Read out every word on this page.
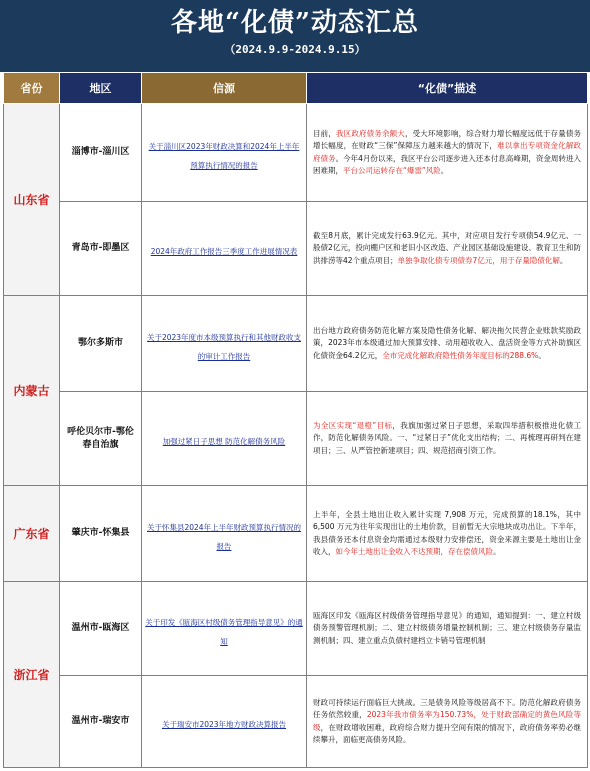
各地“化债”动态汇总
（2024.9.9-2024.9.15）
省份	地区	信源	“化债”描述
山东省	淄博市-淄川区	关于淄川区2023年财政决算和2024年上半年预算执行情况的报告	目前，我区政府债务余额大，受大环境影响，综合财力增长幅度远低于存量债务增长幅度，在财政“三保”保障压力越来越大的情况下，难以拿出专项资金化解政府债务。今年4月份以来，我区平台公司逐步进入还本付息高峰期，资金周转进入困难期，平台公司运转存在“爆雷”风险。
	青岛市-即墨区	2024年政府工作报告三季度工作进展情况表	截至8月底，累计完成发行63.9亿元。其中，对应项目发行专项债54.9亿元、一般债2亿元，投向棚户区和老旧小区改造、产业园区基础设施建设、教育卫生和防洪排涝等42个重点项目；单独争取化债专项债券7亿元，用于存量隐债化解。
内蒙古	鄂尔多斯市	关于2023年度市本级预算执行和其他财政收支的审计工作报告	出台地方政府债务防范化解方案及隐性债务化解、解决拖欠民营企业账款奖励政策，2023年市本级通过加大预算安排、动用超收收入、盘活资金等方式补助旗区化债资金64.2亿元，全市完成化解政府隐性债务年度目标的288.6%。
	呼伦贝尔市-鄂伦春自治旗	加强过紧日子思想 防范化解债务风险	为全区实现“退橙”目标，我旗加强过紧日子思想，采取四举措积极推进化债工作，防范化解债务风险。一、“过紧日子”优化支出结构；二、再梳理再研判在建项目；三、从严管控新建项目；四、规范招商引资工作。
广东省	肇庆市-怀集县	关于怀集县2024年上半年财政预算执行情况的报告	上半年，全县土地出让收入累计实现 7,908 万元，完成预算的18.1%，其中 6,500 万元为往年实现出让的土地价款，目前暂无大宗地块成功出让。下半年，我县债务还本付息资金均需通过本级财力安排偿还，资金来源主要是土地出让金收入，如今年土地出让金收入不达预期，存在偿债风险。
浙江省	温州市-瓯海区	关于印发《瓯海区村级债务管理指导意见》的通知	瓯海区印发《瓯海区村级债务管理指导意见》的通知，通知提到：一、建立村级债务预警管理机制；二、建立村级债务增量控制机制；三、建立村级债务存量监测机制；四、建立重点负债村建档立卡销号管理机制
	温州市-瑞安市	关于瑞安市2023年地方财政决算报告	财政可持续运行面临巨大挑战。三是债务风险等级居高不下。防范化解政府债务任务依然较重，2023年我市债务率为150.73%，处于财政部确定的黄色风险等级，在财政增收困难，政府综合财力提升空间有限的情况下，政府债务率势必继续攀升，面临更高债务风险。
